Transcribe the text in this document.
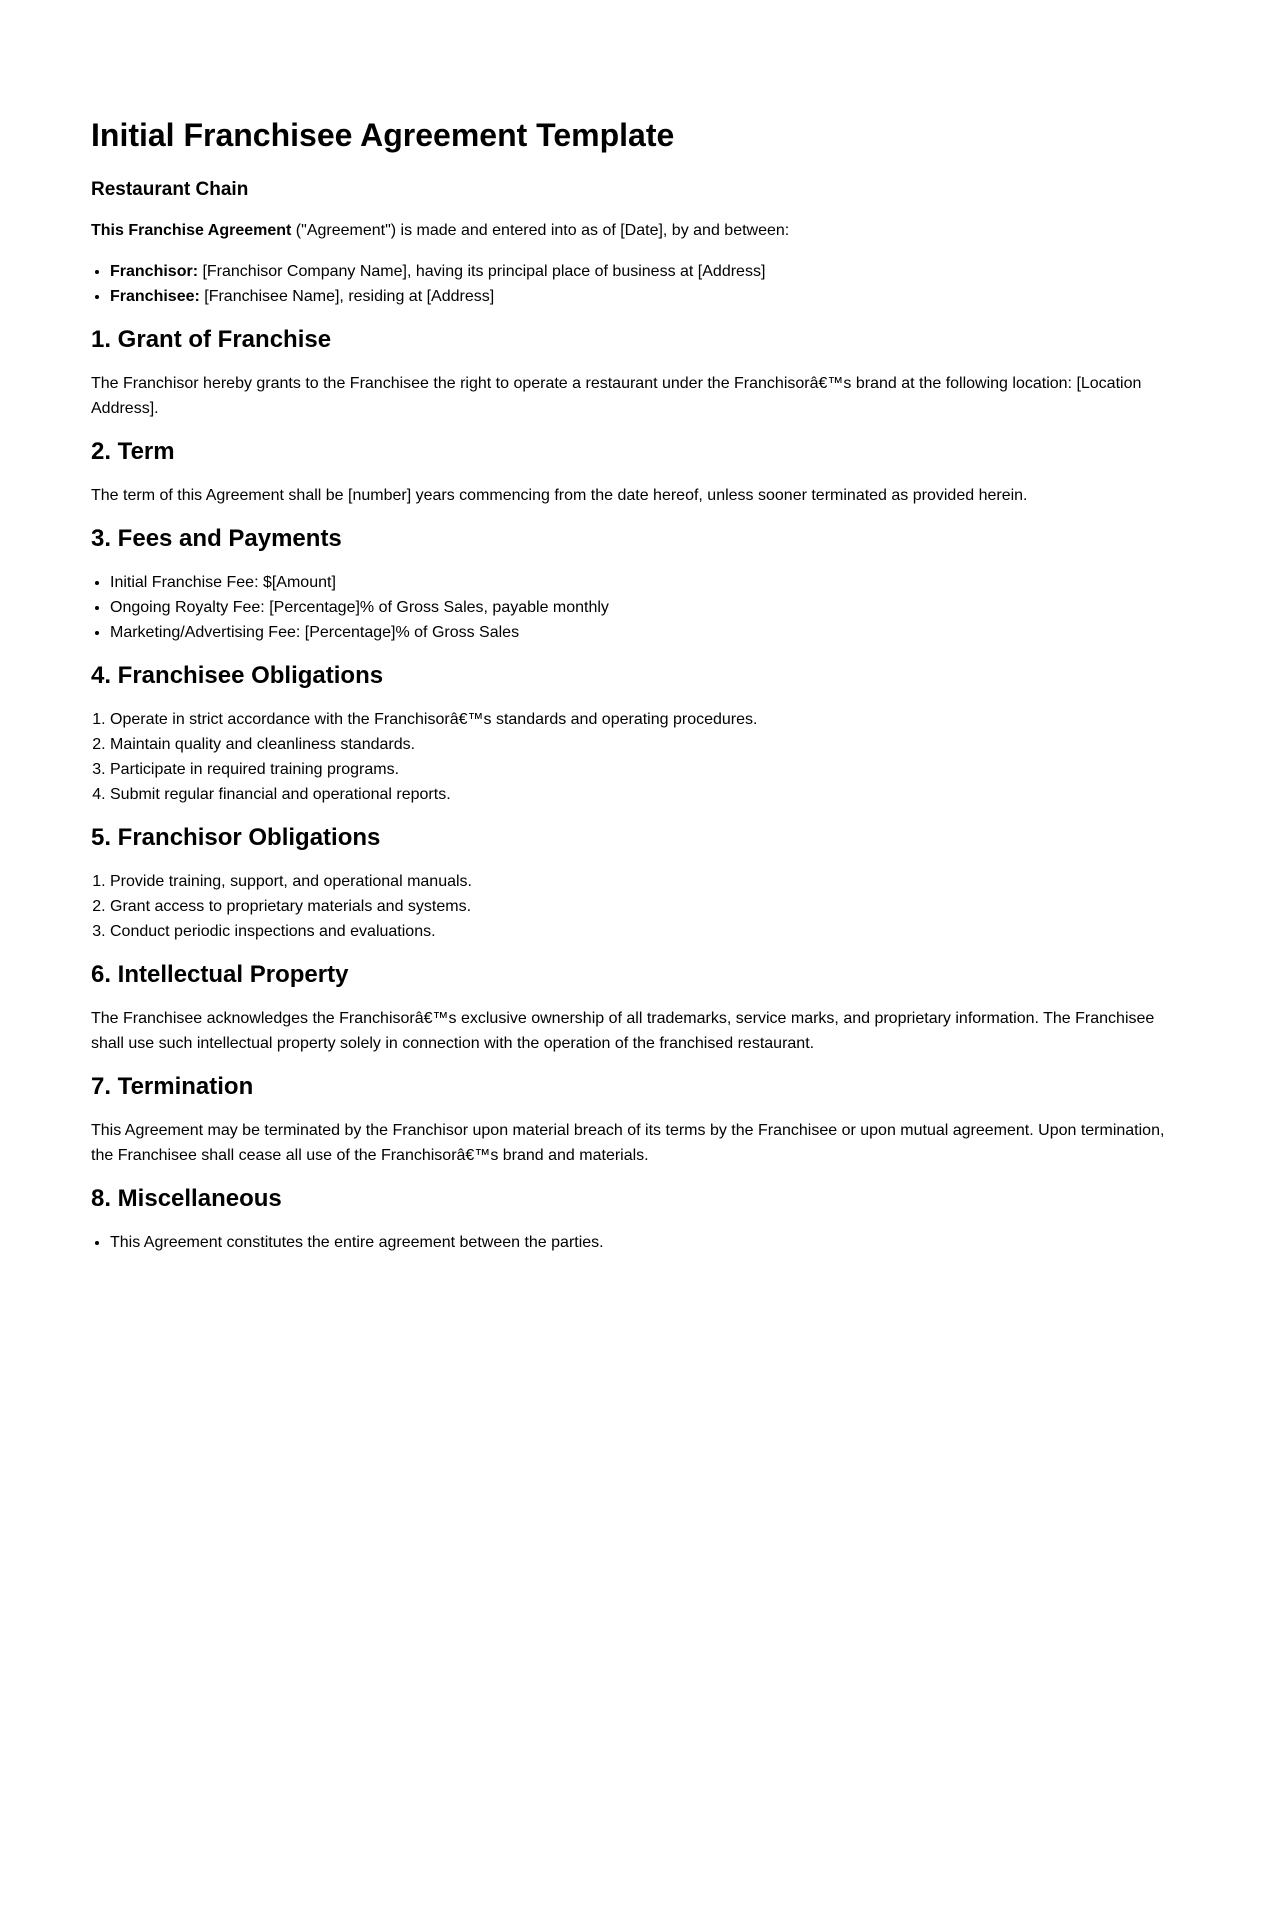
Initial Franchisee Agreement Template
Restaurant Chain

This Franchise Agreement ("Agreement") is made and entered into as of [Date], by and between:

• Franchisor: [Franchisor Company Name], having its principal place of business at [Address]
• Franchisee: [Franchisee Name], residing at [Address]
1. Grant of Franchise

The Franchisor hereby grants to the Franchisee the right to operate a restaurant under the Franchisorâ€™s brand at the following location: [Location Address].

2. Term

The term of this Agreement shall be [number] years commencing from the date hereof, unless sooner terminated as provided herein.

3. Fees and Payments
• Initial Franchise Fee: $[Amount]
• Ongoing Royalty Fee: [Percentage]% of Gross Sales, payable monthly
• Marketing/Advertising Fee: [Percentage]% of Gross Sales
4. Franchisee Obligations
1. Operate in strict accordance with the Franchisorâ€™s standards and operating procedures.
2. Maintain quality and cleanliness standards.
3. Participate in required training programs.
4. Submit regular financial and operational reports.
5. Franchisor Obligations
1. Provide training, support, and operational manuals.
2. Grant access to proprietary materials and systems.
3. Conduct periodic inspections and evaluations.
6. Intellectual Property

The Franchisee acknowledges the Franchisorâ€™s exclusive ownership of all trademarks, service marks, and proprietary information. The Franchisee shall use such intellectual property solely in connection with the operation of the franchised restaurant.

7. Termination

This Agreement may be terminated by the Franchisor upon material breach of its terms by the Franchisee or upon mutual agreement. Upon termination, the Franchisee shall cease all use of the Franchisorâ€™s brand and materials.

8. Miscellaneous
• This Agreement constitutes the entire agreement between the parties.
